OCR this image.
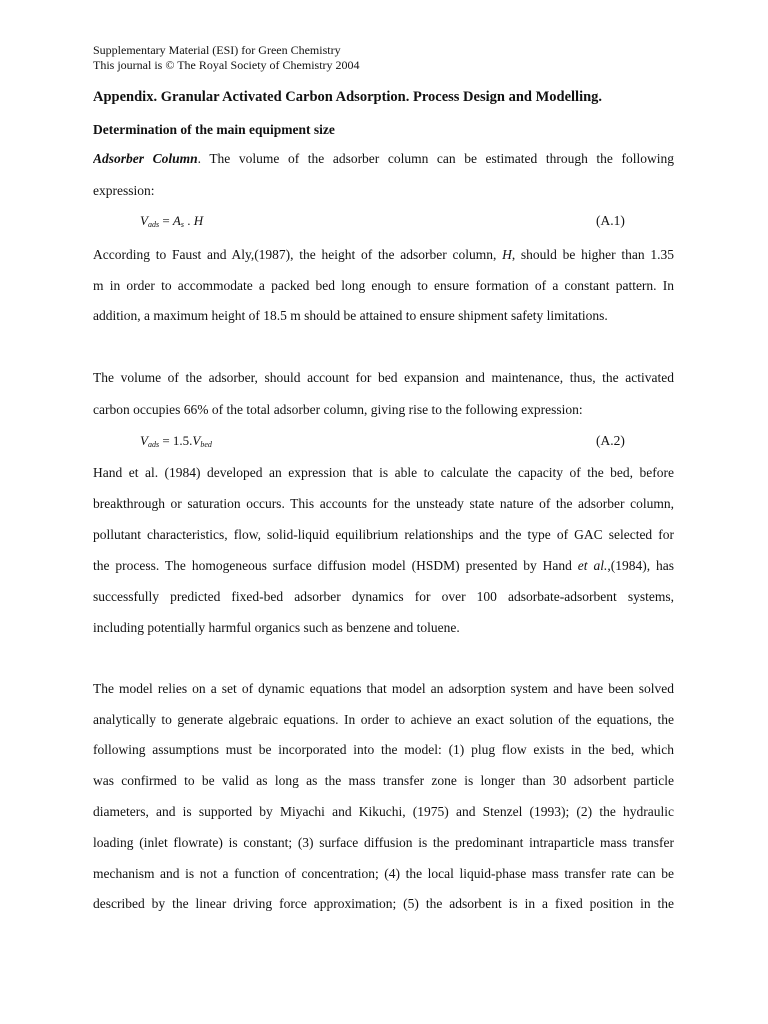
Supplementary Material (ESI) for Green Chemistry
This journal is © The Royal Society of Chemistry 2004
Appendix. Granular Activated Carbon Adsorption. Process Design and Modelling.
Determination of the main equipment size
Adsorber Column. The volume of the adsorber column can be estimated through the following
expression:
$V_{ads} = A_s$ . H	(A.1)
According to Faust and Aly,(1987), the height of the adsorber column, H, should be higher than 1.35
m in order to accommodate a packed bed long enough to ensure formation of a constant pattern. In
addition, a maximum height of 18.5 m should be attained to ensure shipment safety limitations.
The volume of the adsorber, should account for bed expansion and maintenance, thus, the activated
carbon occupies 66% of the total adsorber column, giving rise to the following expression:
$V_{ads} = 1.5.V_{bed}$	(A.2)
Hand et al. (1984) developed an expression that is able to calculate the capacity of the bed, before
breakthrough or saturation occurs. This accounts for the unsteady state nature of the adsorber column,
pollutant characteristics, flow, solid-liquid equilibrium relationships and the type of GAC selected for
the process. The homogeneous surface diffusion model (HSDM) presented by Hand et al.,(1984), has
successfully predicted fixed-bed adsorber dynamics for over 100 adsorbate-adsorbent systems,
including potentially harmful organics such as benzene and toluene.
The model relies on a set of dynamic equations that model an adsorption system and have been solved
analytically to generate algebraic equations. In order to achieve an exact solution of the equations, the
following assumptions must be incorporated into the model: (1) plug flow exists in the bed, which
was confirmed to be valid as long as the mass transfer zone is longer than 30 adsorbent particle
diameters, and is supported by Miyachi and Kikuchi, (1975) and Stenzel (1993); (2) the hydraulic
loading (inlet flowrate) is constant; (3) surface diffusion is the predominant intraparticle mass transfer
mechanism and is not a function of concentration; (4) the local liquid-phase mass transfer rate can be
described by the linear driving force approximation; (5) the adsorbent is in a fixed position in the
